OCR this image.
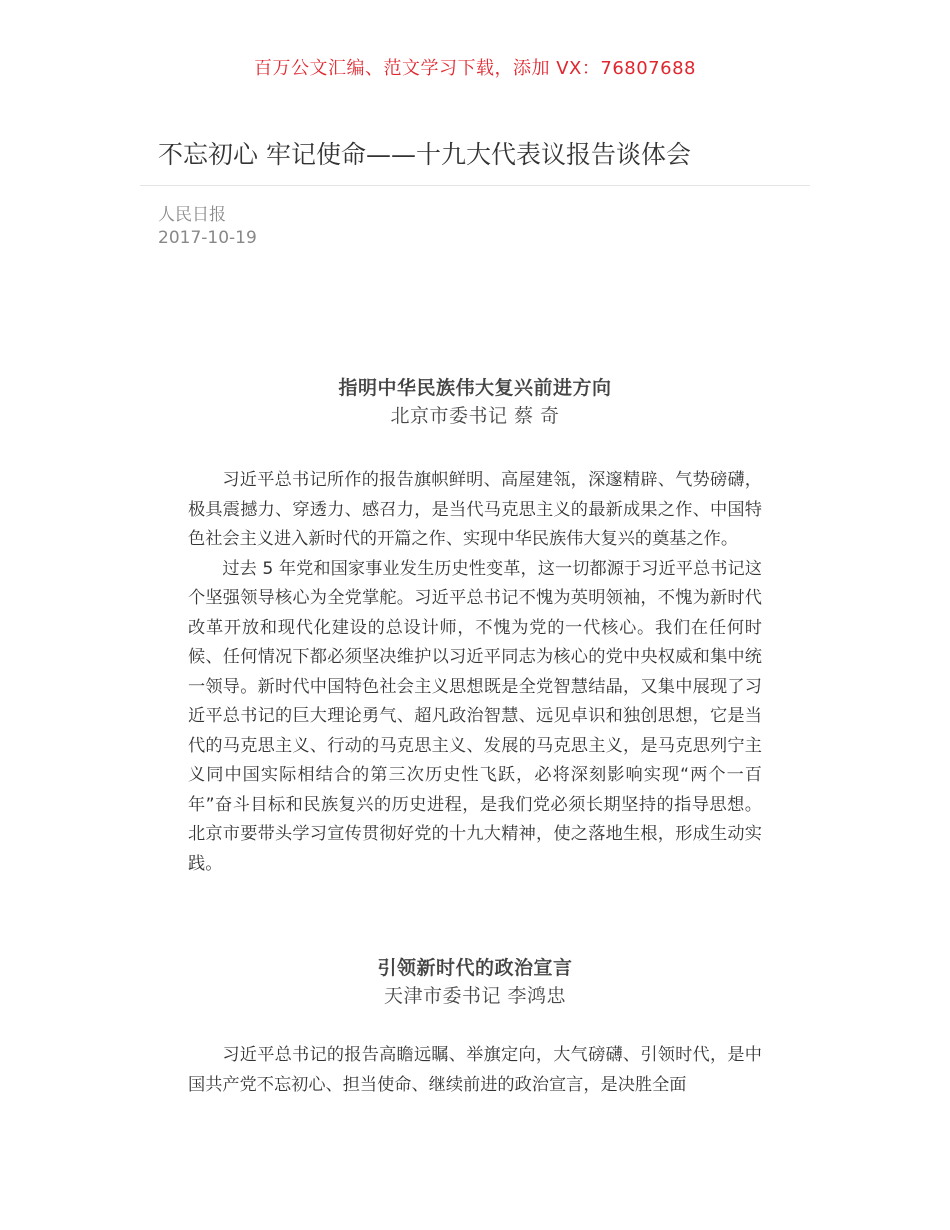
百万公文汇编、范文学习下载，添加 VX：76807688
不忘初心 牢记使命——十九大代表议报告谈体会
人民日报
2017-10-19
指明中华民族伟大复兴前进方向
北京市委书记 蔡 奇

习近平总书记所作的报告旗帜鲜明、高屋建瓴，深邃精辟、气势磅礴，极具震撼力、穿透力、感召力，是当代马克思主义的最新成果之作、中国特色社会主义进入新时代的开篇之作、实现中华民族伟大复兴的奠基之作。

过去 5 年党和国家事业发生历史性变革，这一切都源于习近平总书记这个坚强领导核心为全党掌舵。习近平总书记不愧为英明领袖，不愧为新时代改革开放和现代化建设的总设计师，不愧为党的一代核心。我们在任何时候、任何情况下都必须坚决维护以习近平同志为核心的党中央权威和集中统一领导。新时代中国特色社会主义思想既是全党智慧结晶，又集中展现了习近平总书记的巨大理论勇气、超凡政治智慧、远见卓识和独创思想，它是当代的马克思主义、行动的马克思主义、发展的马克思主义，是马克思列宁主义同中国实际相结合的第三次历史性飞跃，必将深刻影响实现“两个一百年”奋斗目标和民族复兴的历史进程，是我们党必须长期坚持的指导思想。北京市要带头学习宣传贯彻好党的十九大精神，使之落地生根，形成生动实践。

引领新时代的政治宣言
天津市委书记 李鸿忠

习近平总书记的报告高瞻远瞩、举旗定向，大气磅礴、引领时代，是中国共产党不忘初心、担当使命、继续前进的政治宣言，是决胜全面
